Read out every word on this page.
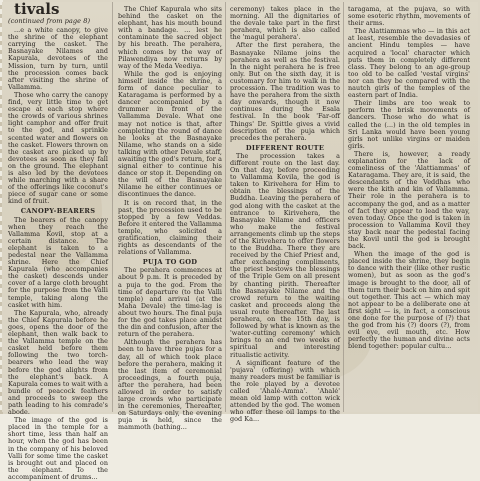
tivals
(continued from page 8)

...e a white canopy, to give the shrine of the elephant carrying the casket. The Basnayake Nilames and Kapurala, devotees of the Mission, turn by turn, until the procession comes back after visiting the shrine of Vallamma.

Those who carry the canopy find, very little time to get escape at each stop where the crowds of various shrines light camphor and offer fruit to the god, and sprinkle scented water and flowers on the casket. Flowers thrown on the casket are picked up by devotees as soon as they fall on the ground. The elephant is also led by the devotees while marching with a share of the offerings like coconut's piece of sugar cane or some kind of fruit.

CANOPY-BEARERS

The bearers of the canopy when they reach the Vallamma Kovil, stop at a certain distance. The elephant is taken to a pedestal near the Vallamma shrine. Here the Chief Kapurala (who accompanies the casket) descends under cover of a large cloth brought for the purpose from the Valli temple, taking along the casket with him.

The Kapurala, who, already the Chief Kapurala before he goes, opens the door of the elephant, then walk back to the Vallamma temple on the casket held before them following the two torch-bearers who lead the way before the god alights from the elephant's back. A Kapurala comes to wait with a bundle of peacock feathers and proceeds to sweep the path leading to his comrade's abode.

The image of the god is placed in the temple for a short time, less than half an hour, when the god has been in the company of his beloved Valli for some time the casket is brought out and placed on the elephant. To the accompaniment of drums...

The Chief Kapurala who sits behind the casket on the elephant, has his mouth bound with a bandage. ... lest he contaminate the sacred object by his breath. The perahera, which comes by the way of Pilawendiya now returns by way of the Meda Veediya.

While the god is enjoying himself inside the shrine, a form of dance peculiar to Kataragama is performed by a dancer accompanied by a drummer in front of the Vallamma Devale. What one may not notice is that, after completing the round of dance he looks at the Basnayake Nilame, who stands on a side talking with other Devale staff, awaiting the god's return, for a signal either to continue his dance or stop it. Depending on the will of the Basnayake Nilame he either continues or discontinues the dance.

It is on record that, in the past, the procession used to be stopped by a few Veddas. Before it entered the Vallamma temple, who solicited a gratification, claiming their rights as descendants of the relations of Vallamma.

PUJA TO GOD

The perahera commences at about 9 p.m. It is preceded by a puja to the god. From the time of departure (to the Valli temple) and arrival (at the Maha Devale) the time-lag is about two hours. The final puja for the god takes place amidst the din and confusion, after the return of the perahera.

Although the perahera has been to have three pujas for a day, all of which took place before the perahera, making it the last item of ceremonial proceedings, a fourth puja, after the perahera, had been allowed in order to satisfy large crowds who participate in the ceremonies, Thereafter, on Saturdays only, the evening puja is held, since the mammoth (bathing...

ceremony) takes place in the morning. All the dignitaries of the devale take part in the first perahera, which is also called the 'magul perahera'.

After the first perahera, the Basnayake Nilame joins the perahera as well as the festival. In the night perahera he is free only. But on the sixth day, it is customary for him to walk in the procession. The tradition was to have the perahera from the sixth day onwards, though it now continues during the Esala festival. In the book 'Far-off Things' Dr. Spittle gives a vivid description of the puja which precedes the perahera.

DIFFERENT ROUTE

The procession takes a different route on the last day. On that day, before proceeding to Vallamma Kovila, the god is taken to Kirivehera for Him to obtain the blessings of the Buddha. Leaving the perahera of god along with the casket at the entrance to Kirivehera, the Basnayake Nilame and officers who make the festival arrangements climb up the steps of the Kirivehera to offer flowers to the Buddha. There they are received by the Chief Priest and, after exchanging compliments, the priest bestows the blessings of the Triple Gem on all present by chanting pirith. Thereafter the Basnayake Nilame and the crowd return to the waiting casket and proceeds along the usual route thereafter. The last perahera, on the 15th day, is followed by what is known as the 'water-cutting ceremony' which brings to an end two weeks of spiritual and interesting ritualistic activity.

A significant feature of the 'pujava' (offering) with which many readers must be familiar is the role played by a devotee called 'Ahalé-Amma'. 'Ahalé' mean old lamp with cotton wick attended by the god. The women who offer these oil lamps to the god Ka...

taragama, at the pujava, so with some esoteric rhythm, movements of their arms.

The Alattiammas who — in this act at least, resemble the devadasies of ancient Hindu temples — have acquired a 'local' character which puts them in completely different class. They belong to an age-group too old to be called 'vestal virgins' nor can they be compared with the nautch girls of the temples of the eastern part of India.

Their limbs are too weak to perform the brisk movements of dancers. Those who do what is called the (...) in the old temples in Sri Lanka would have been young girls not unlike virgins or maiden girls.

There is, however, a ready explanation for the lack of comeliness of the 'Alattiammas' of Kataragama. They are, it is said, the descendants of the Veddhas who were the kith and kin of Vallamma. Their role in the perahera is to accompany the god, and as a matter of fact they appear to lead the way, even today. Once the god is taken in procession to Vallamma Kovil they stay back near the pedestal facing the Kovil until the god is brought back.

When the image of the god is placed inside the shrine, they begin to dance with their (like other rustic women), but as soon as the god's image is brought to the door, all of them turn their back on him and spit out together. This act — which may not appear to be a deliberate one at first sight — is, in fact, a conscious one done for the purpose of (?) that the god from his (?) doors (?), from evil eye, evil mouth, etc. How perfectly the human and divine acts blend together: popular cultu...
